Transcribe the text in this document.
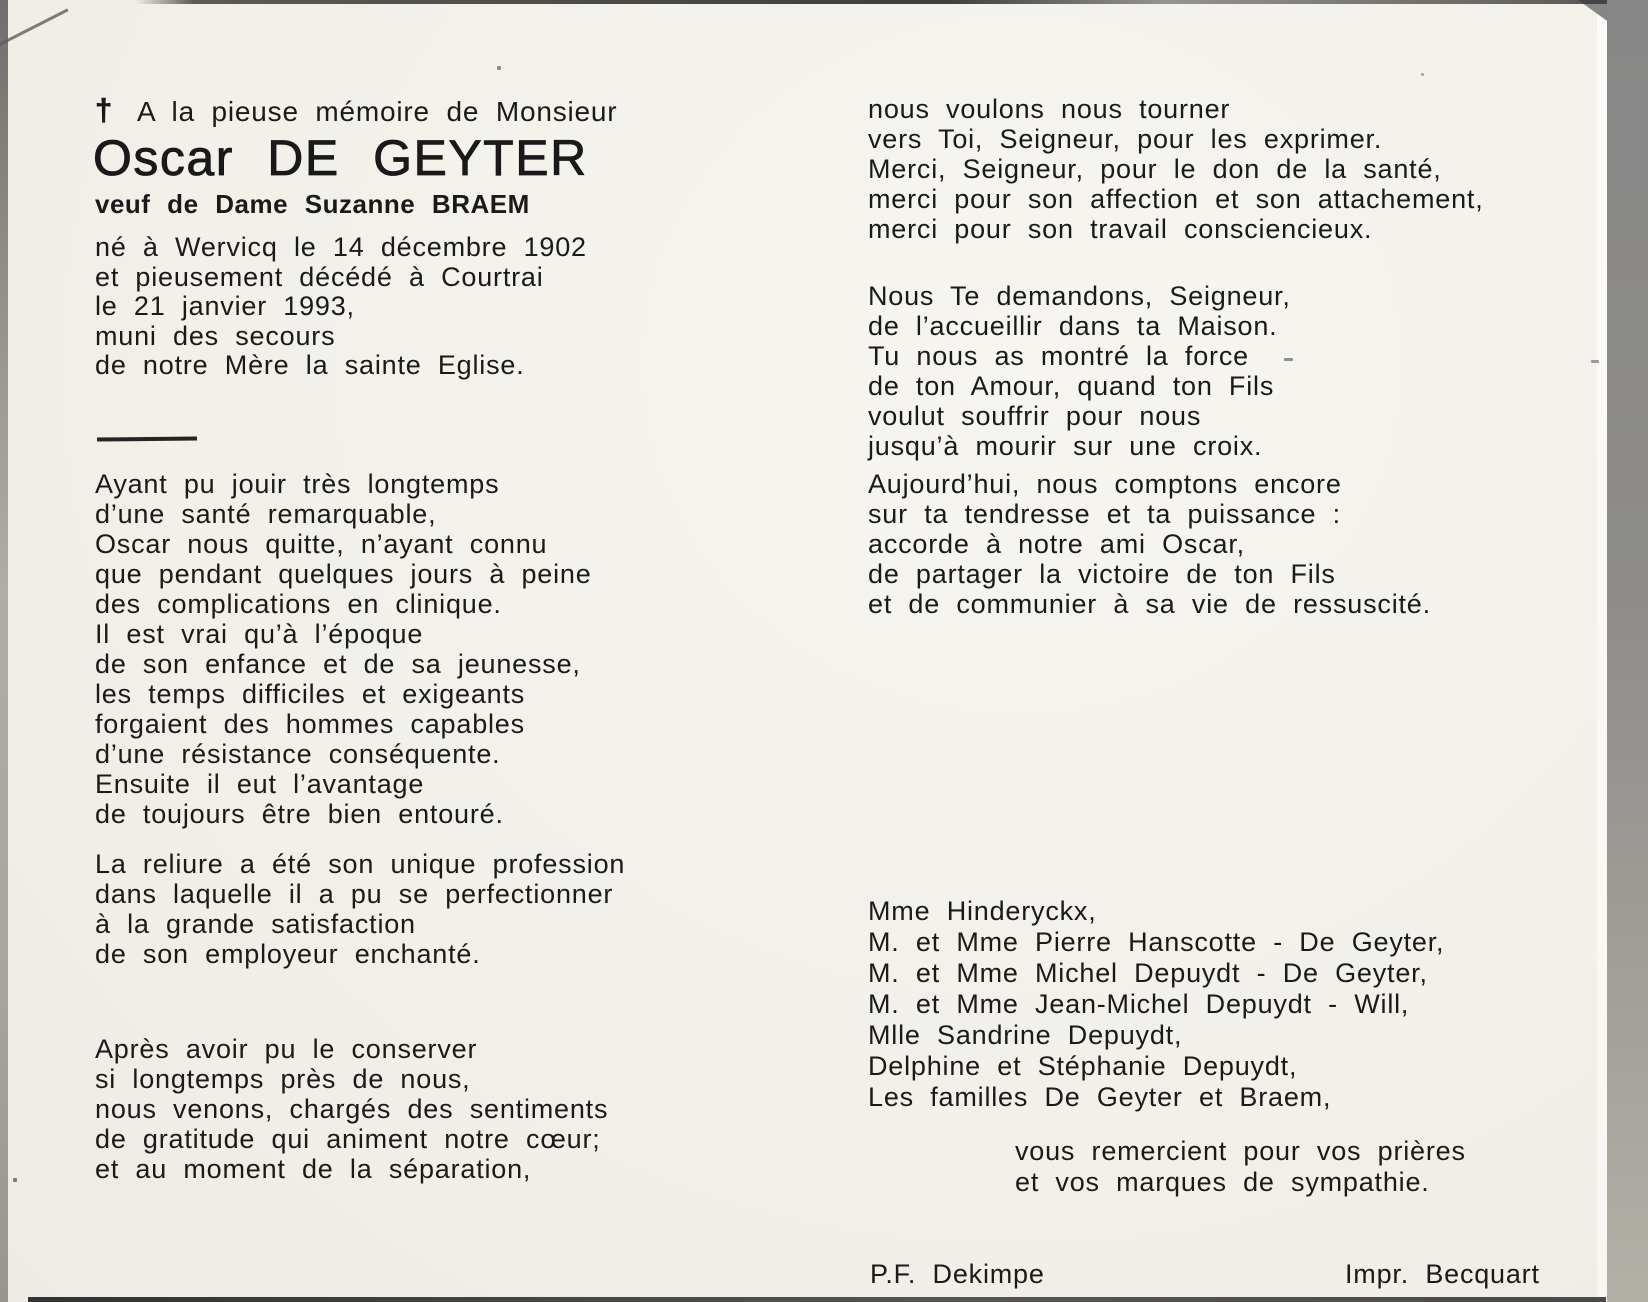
† A la pieuse mémoire de Monsieur
Oscar DE GEYTER
veuf de Dame Suzanne BRAEM
né à Wervicq le 14 décembre 1902
et pieusement décédé à Courtrai
le 21 janvier 1993,
muni des secours
de notre Mère la sainte Eglise.
Ayant pu jouir très longtemps
d’une santé remarquable,
Oscar nous quitte, n’ayant connu
que pendant quelques jours à peine
des complications en clinique.
Il est vrai qu’à l’époque
de son enfance et de sa jeunesse,
les temps difficiles et exigeants
forgaient des hommes capables
d’une résistance conséquente.
Ensuite il eut l’avantage
de toujours être bien entouré.
La reliure a été son unique profession
dans laquelle il a pu se perfectionner
à la grande satisfaction
de son employeur enchanté.
Après avoir pu le conserver
si longtemps près de nous,
nous venons, chargés des sentiments
de gratitude qui animent notre cœur;
et au moment de la séparation,
nous voulons nous tourner
vers Toi, Seigneur, pour les exprimer.
Merci, Seigneur, pour le don de la santé,
merci pour son affection et son attachement,
merci pour son travail consciencieux.
Nous Te demandons, Seigneur,
de l’accueillir dans ta Maison.
Tu nous as montré la force
de ton Amour, quand ton Fils
voulut souffrir pour nous
jusqu’à mourir sur une croix.
Aujourd’hui, nous comptons encore
sur ta tendresse et ta puissance :
accorde à notre ami Oscar,
de partager la victoire de ton Fils
et de communier à sa vie de ressuscité.
Mme Hinderyckx,
M. et Mme Pierre Hanscotte - De Geyter,
M. et Mme Michel Depuydt - De Geyter,
M. et Mme Jean-Michel Depuydt - Will,
Mlle Sandrine Depuydt,
Delphine et Stéphanie Depuydt,
Les familles De Geyter et Braem,
vous remercient pour vos prières
et vos marques de sympathie.
P.F. Dekimpe	Impr. Becquart
